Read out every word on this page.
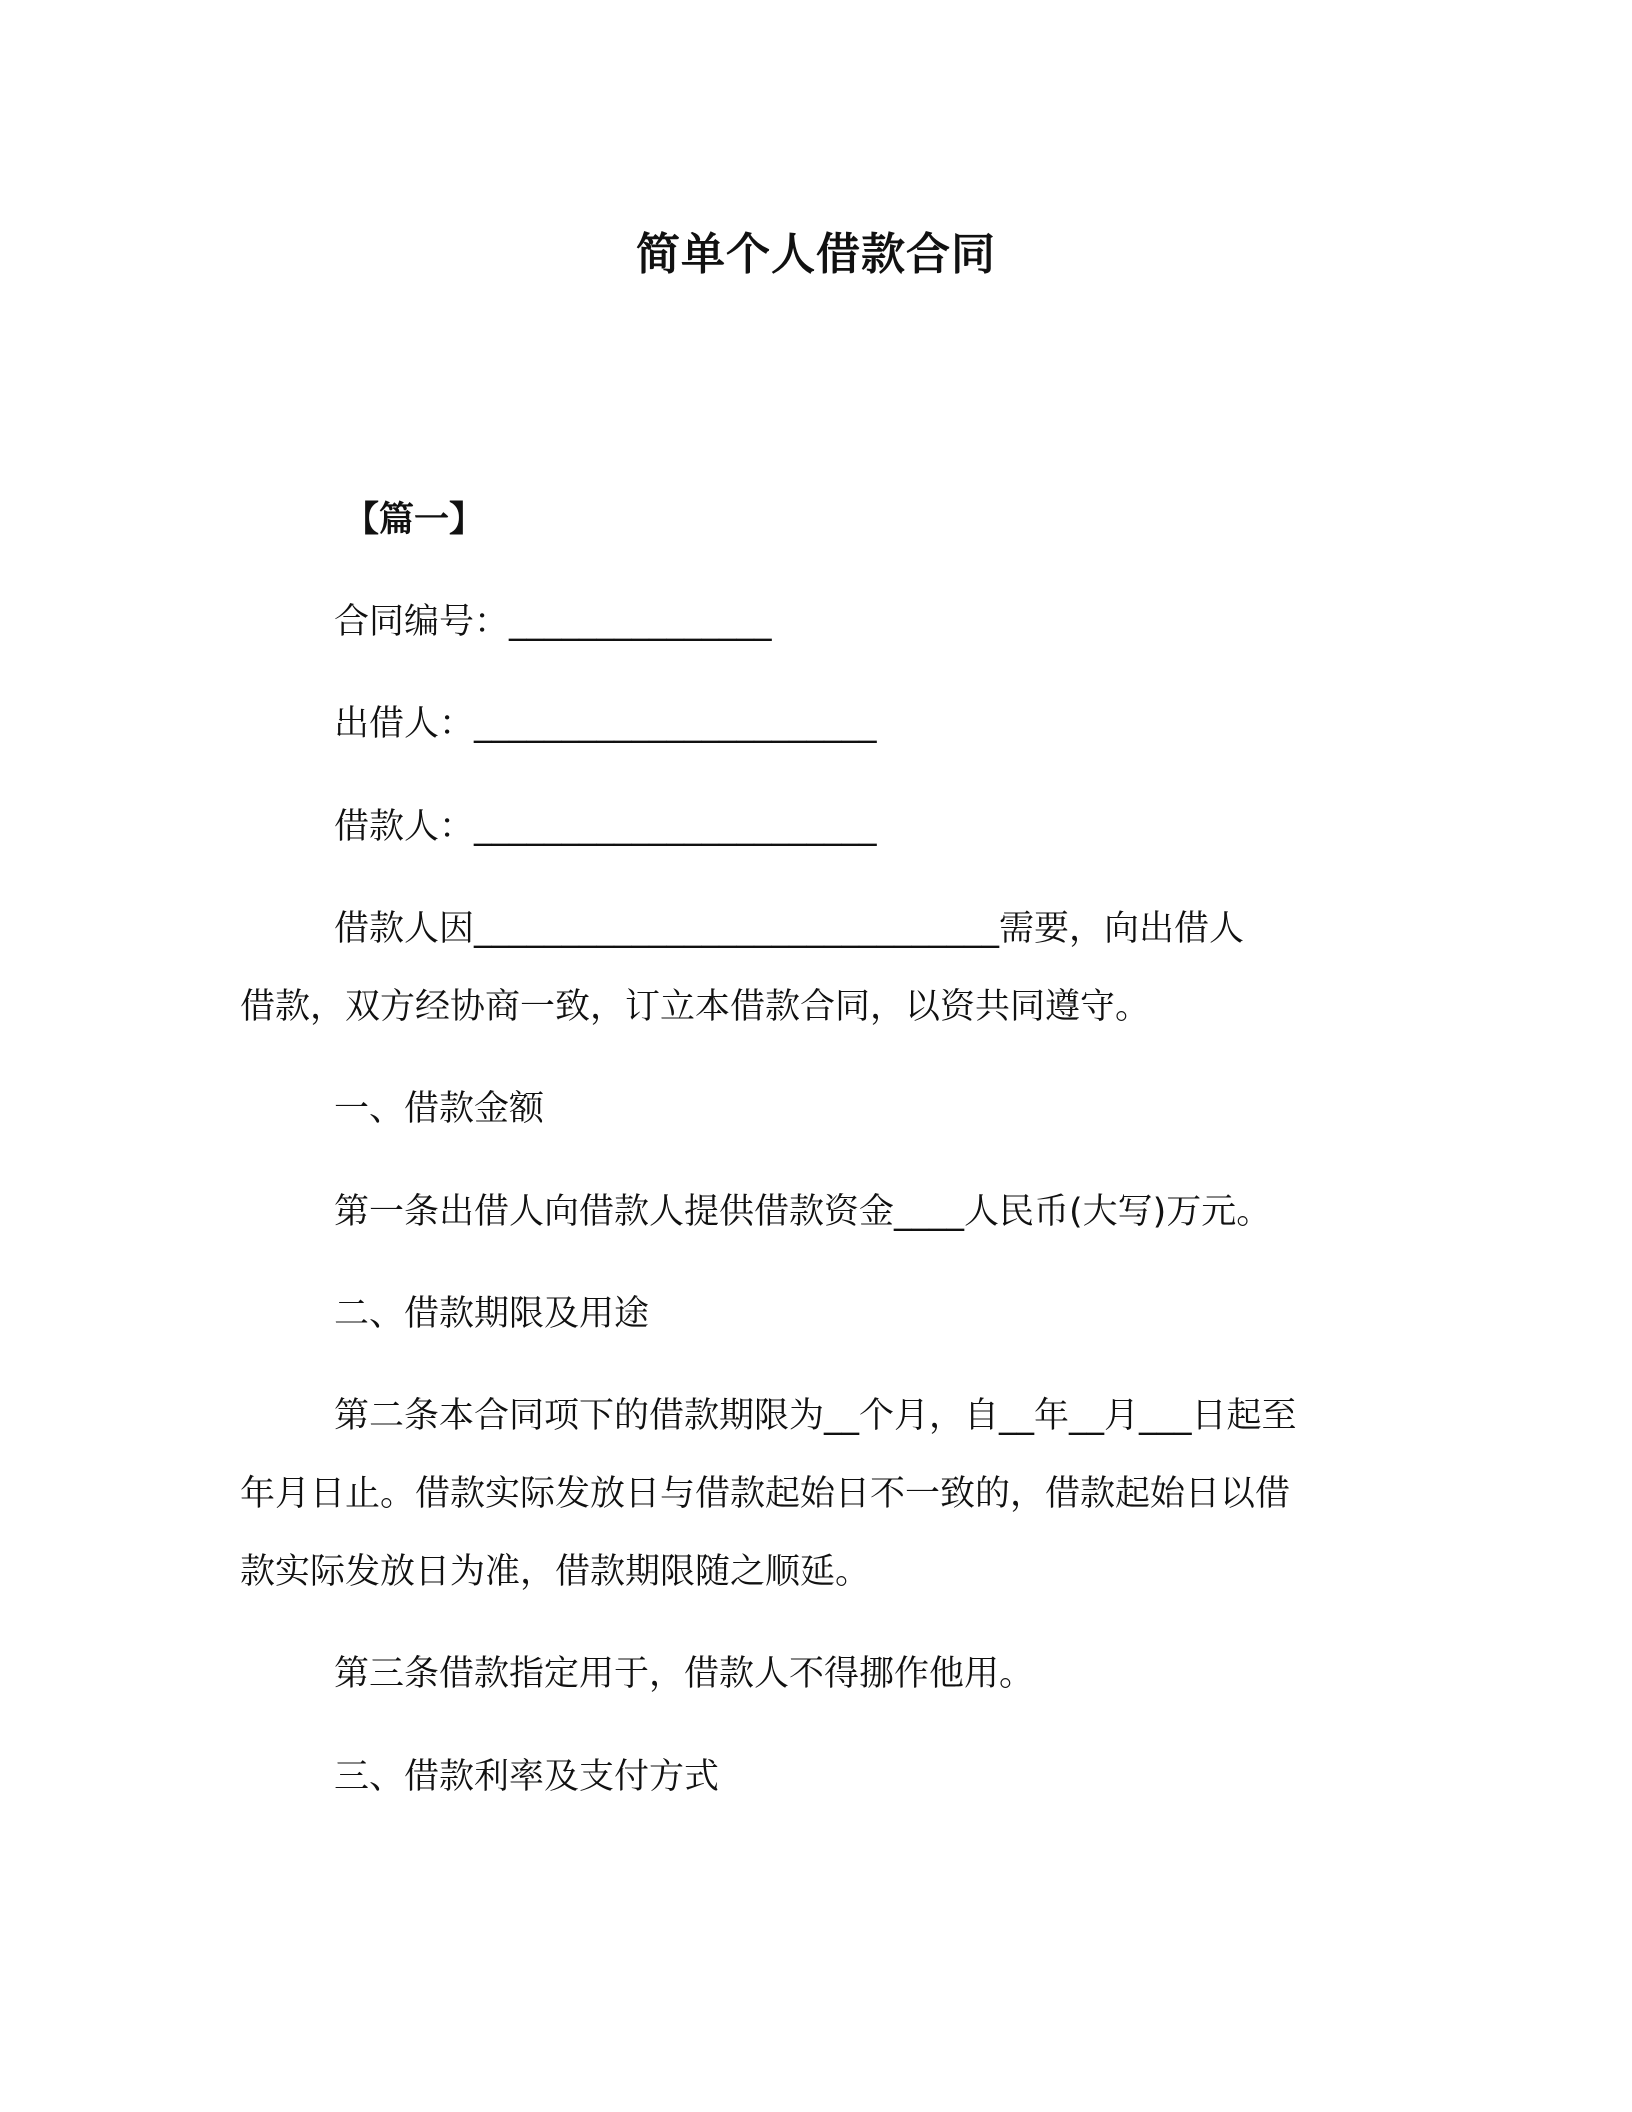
简单个人借款合同
【篇一】
合同编号：_______________
出借人：_______________________
借款人：_______________________
借款人因______________________________需要，向出借人
借款，双方经协商一致，订立本借款合同，以资共同遵守。
一、借款金额
第一条出借人向借款人提供借款资金____人民币(大写)万元。
二、借款期限及用途
第二条本合同项下的借款期限为__个月，自__年__月___日起至
年月日止。借款实际发放日与借款起始日不一致的，借款起始日以借
款实际发放日为准，借款期限随之顺延。
第三条借款指定用于，借款人不得挪作他用。
三、借款利率及支付方式
